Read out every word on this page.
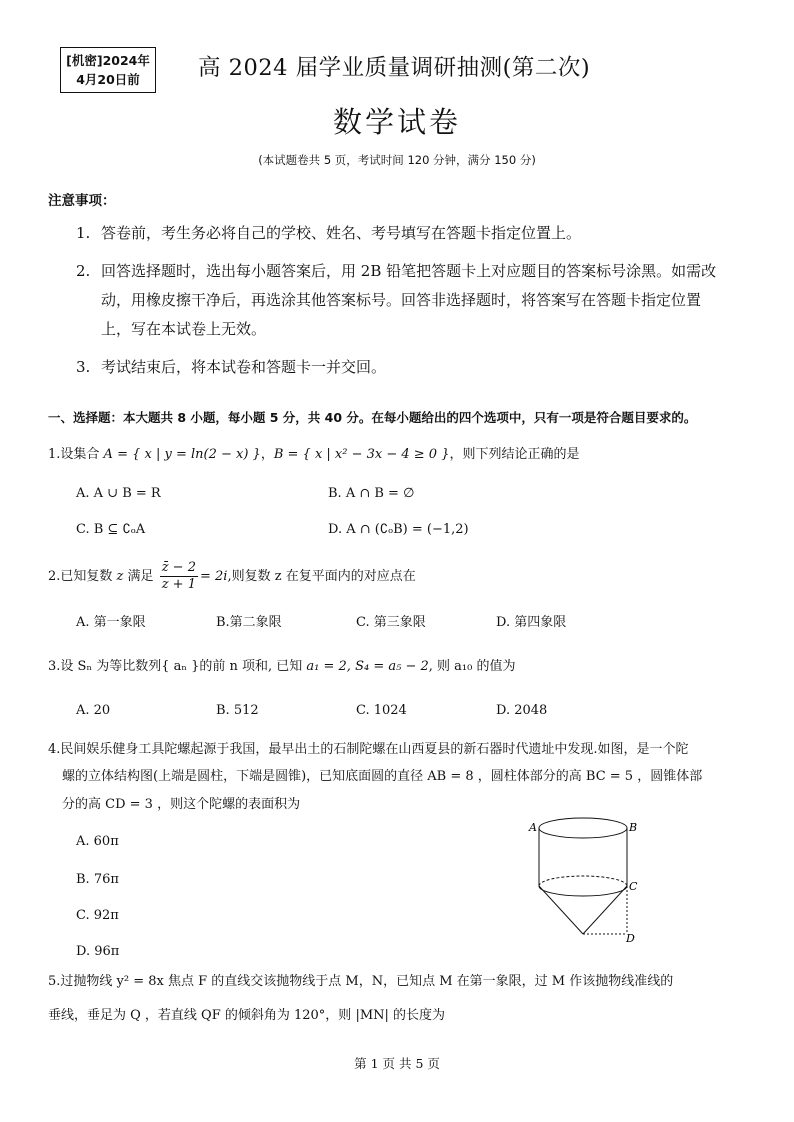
[机密]2024年
4月20日前	高 2024 届学业质量调研抽测(第二次)
数学试卷
(本试题卷共 5 页，考试时间 120 分钟，满分 150 分)
注意事项：
1. 答卷前，考生务必将自己的学校、姓名、考号填写在答题卡指定位置上。
2. 回答选择题时，选出每小题答案后，用 2B 铅笔把答题卡上对应题目的答案标号涂黑。如需改
动，用橡皮擦干净后，再选涂其他答案标号。回答非选择题时，将答案写在答题卡指定位置
上，写在本试卷上无效。
3. 考试结束后，将本试卷和答题卡一并交回。
一、选择题：本大题共 8 小题，每小题 5 分，共 40 分。在每小题给出的四个选项中，只有一项是符合题目要求的。
1.设集合 A = { x | y = ln(2 − x) }，B = { x | x² − 3x − 4 ≥ 0 }，则下列结论正确的是
A. A ∪ B = R	B. A ∩ B = ∅
C. B ⊆ ∁ₒA	D. A ∩ (∁ₒB) = (−1,2)
2.已知复数 z 满足 $\frac{z̄ - 2}{z + 1} = 2i$,则复数 z 在复平面内的对应点在
A. 第一象限	B.第二象限	C. 第三象限	D. 第四象限
3.设 Sₙ 为等比数列{ aₙ }的前 n 项和, 已知 a₁ = 2, S₄ = a₅ − 2, 则 a₁₀ 的值为
A. 20	B. 512	C. 1024	D. 2048
4.民间娱乐健身工具陀螺起源于我国，最早出土的石制陀螺在山西夏县的新石器时代遗址中发现.如图，是一个陀
螺的立体结构图(上端是圆柱，下端是圆锥)，已知底面圆的直径 AB = 8 ，圆柱体部分的高 BC = 5 ，圆锥体部
分的高 CD = 3 ，则这个陀螺的表面积为
A. 60π
B. 76π
C. 92π
D. 96π
A	B
C
D
5.过抛物线 y² = 8x 焦点 F 的直线交该抛物线于点 M，N，已知点 M 在第一象限，过 M 作该抛物线准线的
垂线，垂足为 Q ，若直线 QF 的倾斜角为 120°，则 |MN| 的长度为
第 1 页 共 5 页
